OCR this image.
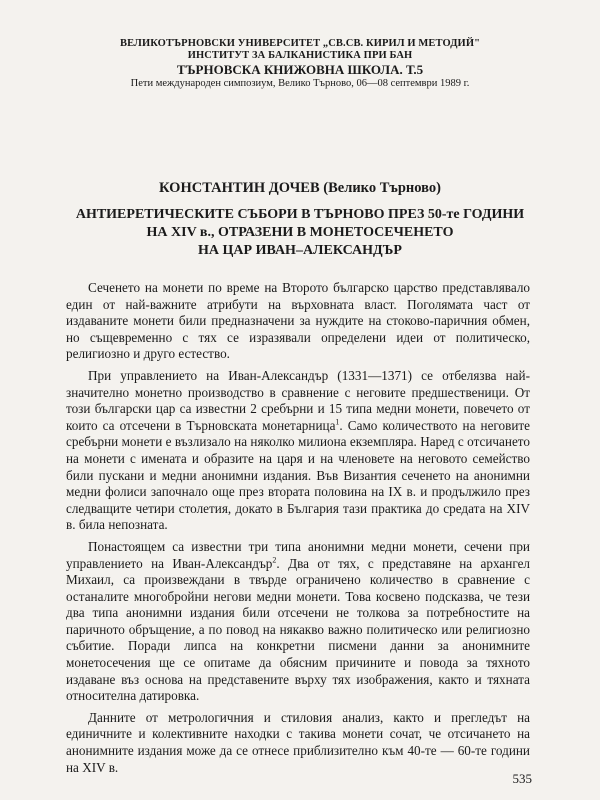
ВЕЛИКОТЪРНОВСКИ УНИВЕРСИТЕТ „СВ.СВ. КИРИЛ И МЕТОДИЙ"
ИНСТИТУТ ЗА БАЛКАНИСТИКА ПРИ БАН
ТЪРНОВСКА КНИЖОВНА ШКОЛА. Т.5
Пети международен симпозиум, Велико Търново, 06—08 септември 1989 г.
КОНСТАНТИН ДОЧЕВ (Велико Търново)
АНТИЕРЕТИЧЕСКИТЕ СЪБОРИ В ТЪРНОВО ПРЕЗ 50-те ГОДИНИ
НА XIV в., ОТРАЗЕНИ В МОНЕТОСЕЧЕНЕТО
НА ЦАР ИВАН–АЛЕКСАНДЪР

Сеченето на монети по време на Второто българско царство представлявало един от най-важните атрибути на върховната власт. Поголямата част от издаваните монети били предназначени за нуждите на стоково-паричния обмен, но същевременно с тях се изразявали определени идеи от политическо, религиозно и друго естество.

При управлението на Иван-Александър (1331—1371) се отбелязва най-значително монетно производство в сравнение с неговите предшественици. От този български цар са известни 2 сребърни и 15 типа медни монети, повечето от които са отсечени в Търновската монетарница$^1$. Само количеството на неговите сребърни монети е възлизало на няколко милиона екземпляра. Наред с отсичането на монети с имената и образите на царя и на членовете на неговото семейство били пускани и медни анонимни издания. Във Византия сеченето на анонимни медни фолиси започнало още през втората половина на IX в. и продължило през следващите четири столетия, докато в България тази практика до средата на XIV в. била непозната.

Понастоящем са известни три типа анонимни медни монети, сечени при управлението на Иван-Александър$^2$. Два от тях, с представяне на архангел Михаил, са произвеждани в твърде ограничено количество в сравнение с останалите многобройни негови медни монети. Това косвено подсказва, че тези два типа анонимни издания били отсечени не толкова за потребностите на паричното обръщение, а по повод на някакво важно политическо или религиозно събитие. Поради липса на конкретни писмени данни за анонимните монетосечения ще се опитаме да обясним причините и повода за тяхното издаване въз основа на представените върху тях изображения, както и тяхната относителна датировка.

Данните от метрологичния и стиловия анализ, както и прегледът на единичните и колективните находки с такива монети сочат, че отсичането на анонимните издания може да се отнесе приблизително към 40-те — 60-те години на XIV в.

535
